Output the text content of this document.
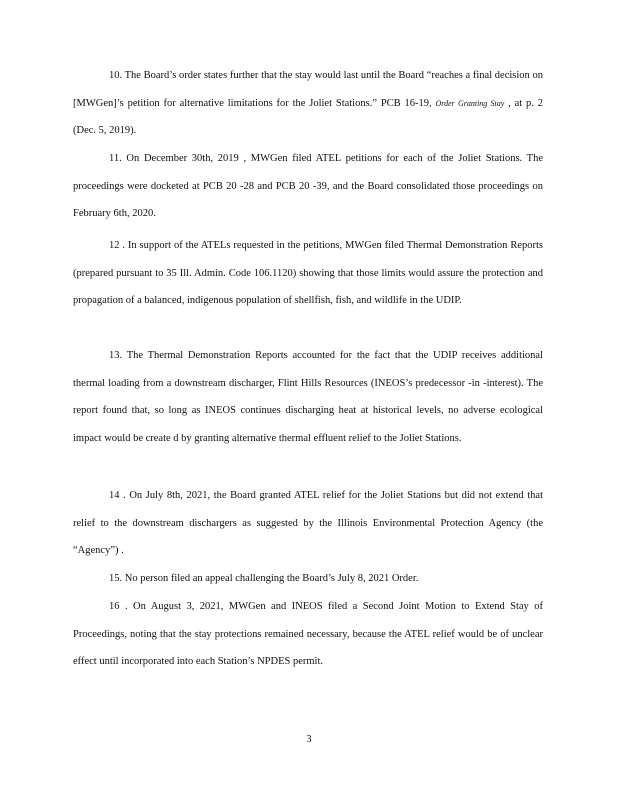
10. The Board’s order states further that the stay would last until the Board “reaches a final decision on [MWGen]’s petition for alternative limitations for the Joliet Stations.” PCB 16-19, Order Granting Stay , at p. 2 (Dec. 5, 2019).

11. On December 30th, 2019 , MWGen filed ATEL petitions for each of the Joliet Stations. The proceedings were docketed at PCB 20 -28 and PCB 20 -39, and the Board consolidated those proceedings on February 6th, 2020.

12 . In support of the ATELs requested in the petitions, MWGen filed Thermal Demonstration Reports (prepared pursuant to 35 Ill. Admin. Code 106.1120) showing that those limits would assure the protection and propagation of a balanced, indigenous population of shellfish, fish, and wildlife in the UDIP.

13. The Thermal Demonstration Reports accounted for the fact that the UDIP receives additional thermal loading from a downstream discharger, Flint Hills Resources (INEOS’s predecessor -in -interest). The report found that, so long as INEOS continues discharging heat at historical levels, no adverse ecological impact would be create d by granting alternative thermal effluent relief to the Joliet Stations.

14 . On July 8th, 2021, the Board granted ATEL relief for the Joliet Stations but did not extend that relief to the downstream dischargers as suggested by the Illinois Environmental Protection Agency (the “Agency”) .

15. No person filed an appeal challenging the Board’s July 8, 2021 Order.

16 . On August 3, 2021, MWGen and INEOS filed a Second Joint Motion to Extend Stay of Proceedings, noting that the stay protections remained necessary, because the ATEL relief would be of unclear effect until incorporated into each Station’s NPDES permit.

3
